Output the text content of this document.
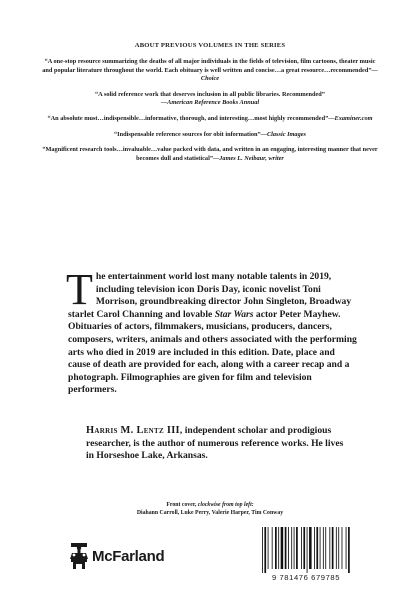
ABOUT PREVIOUS VOLUMES IN THE SERIES
“A one-stop resource summarizing the deaths of all major individuals in the fields of television, film cartoons, theater music and popular literature throughout the world. Each obituary is well written and concise…a great resource…recommended”—Choice
“A solid reference work that deserves inclusion in all public libraries. Recommended”
—American Reference Books Annual
“An absolute must…indispensible…informative, thorough, and interesting…most highly recommended”—Examiner.com
“Indispensable reference sources for obit information”—Classic Images
“Magnificent research tools…invaluable…value packed with data, and written in an engaging, interesting manner that never becomes dull and statistical”—James L. Neibaur, writer
T he entertainment world lost many notable talents in 2019, including television icon Doris Day, iconic novelist Toni Morrison, groundbreaking director John Singleton, Broadway starlet Carol Channing and lovable Star Wars actor Peter Mayhew. Obituaries of actors, filmmakers, musicians, producers, dancers, composers, writers, animals and others associated with the performing arts who died in 2019 are included in this edition. Date, place and cause of death are provided for each, along with a career recap and a photograph. Filmographies are given for film and television performers.

Harris M. Lentz III, independent scholar and prodigious researcher, is the author of numerous reference works. He lives in Horseshoe Lake, Arkansas.
Front cover, clockwise from top left:
Diahann Carroll, Luke Perry, Valerie Harper, Tim Conway
McFarland
9 781476 679785
